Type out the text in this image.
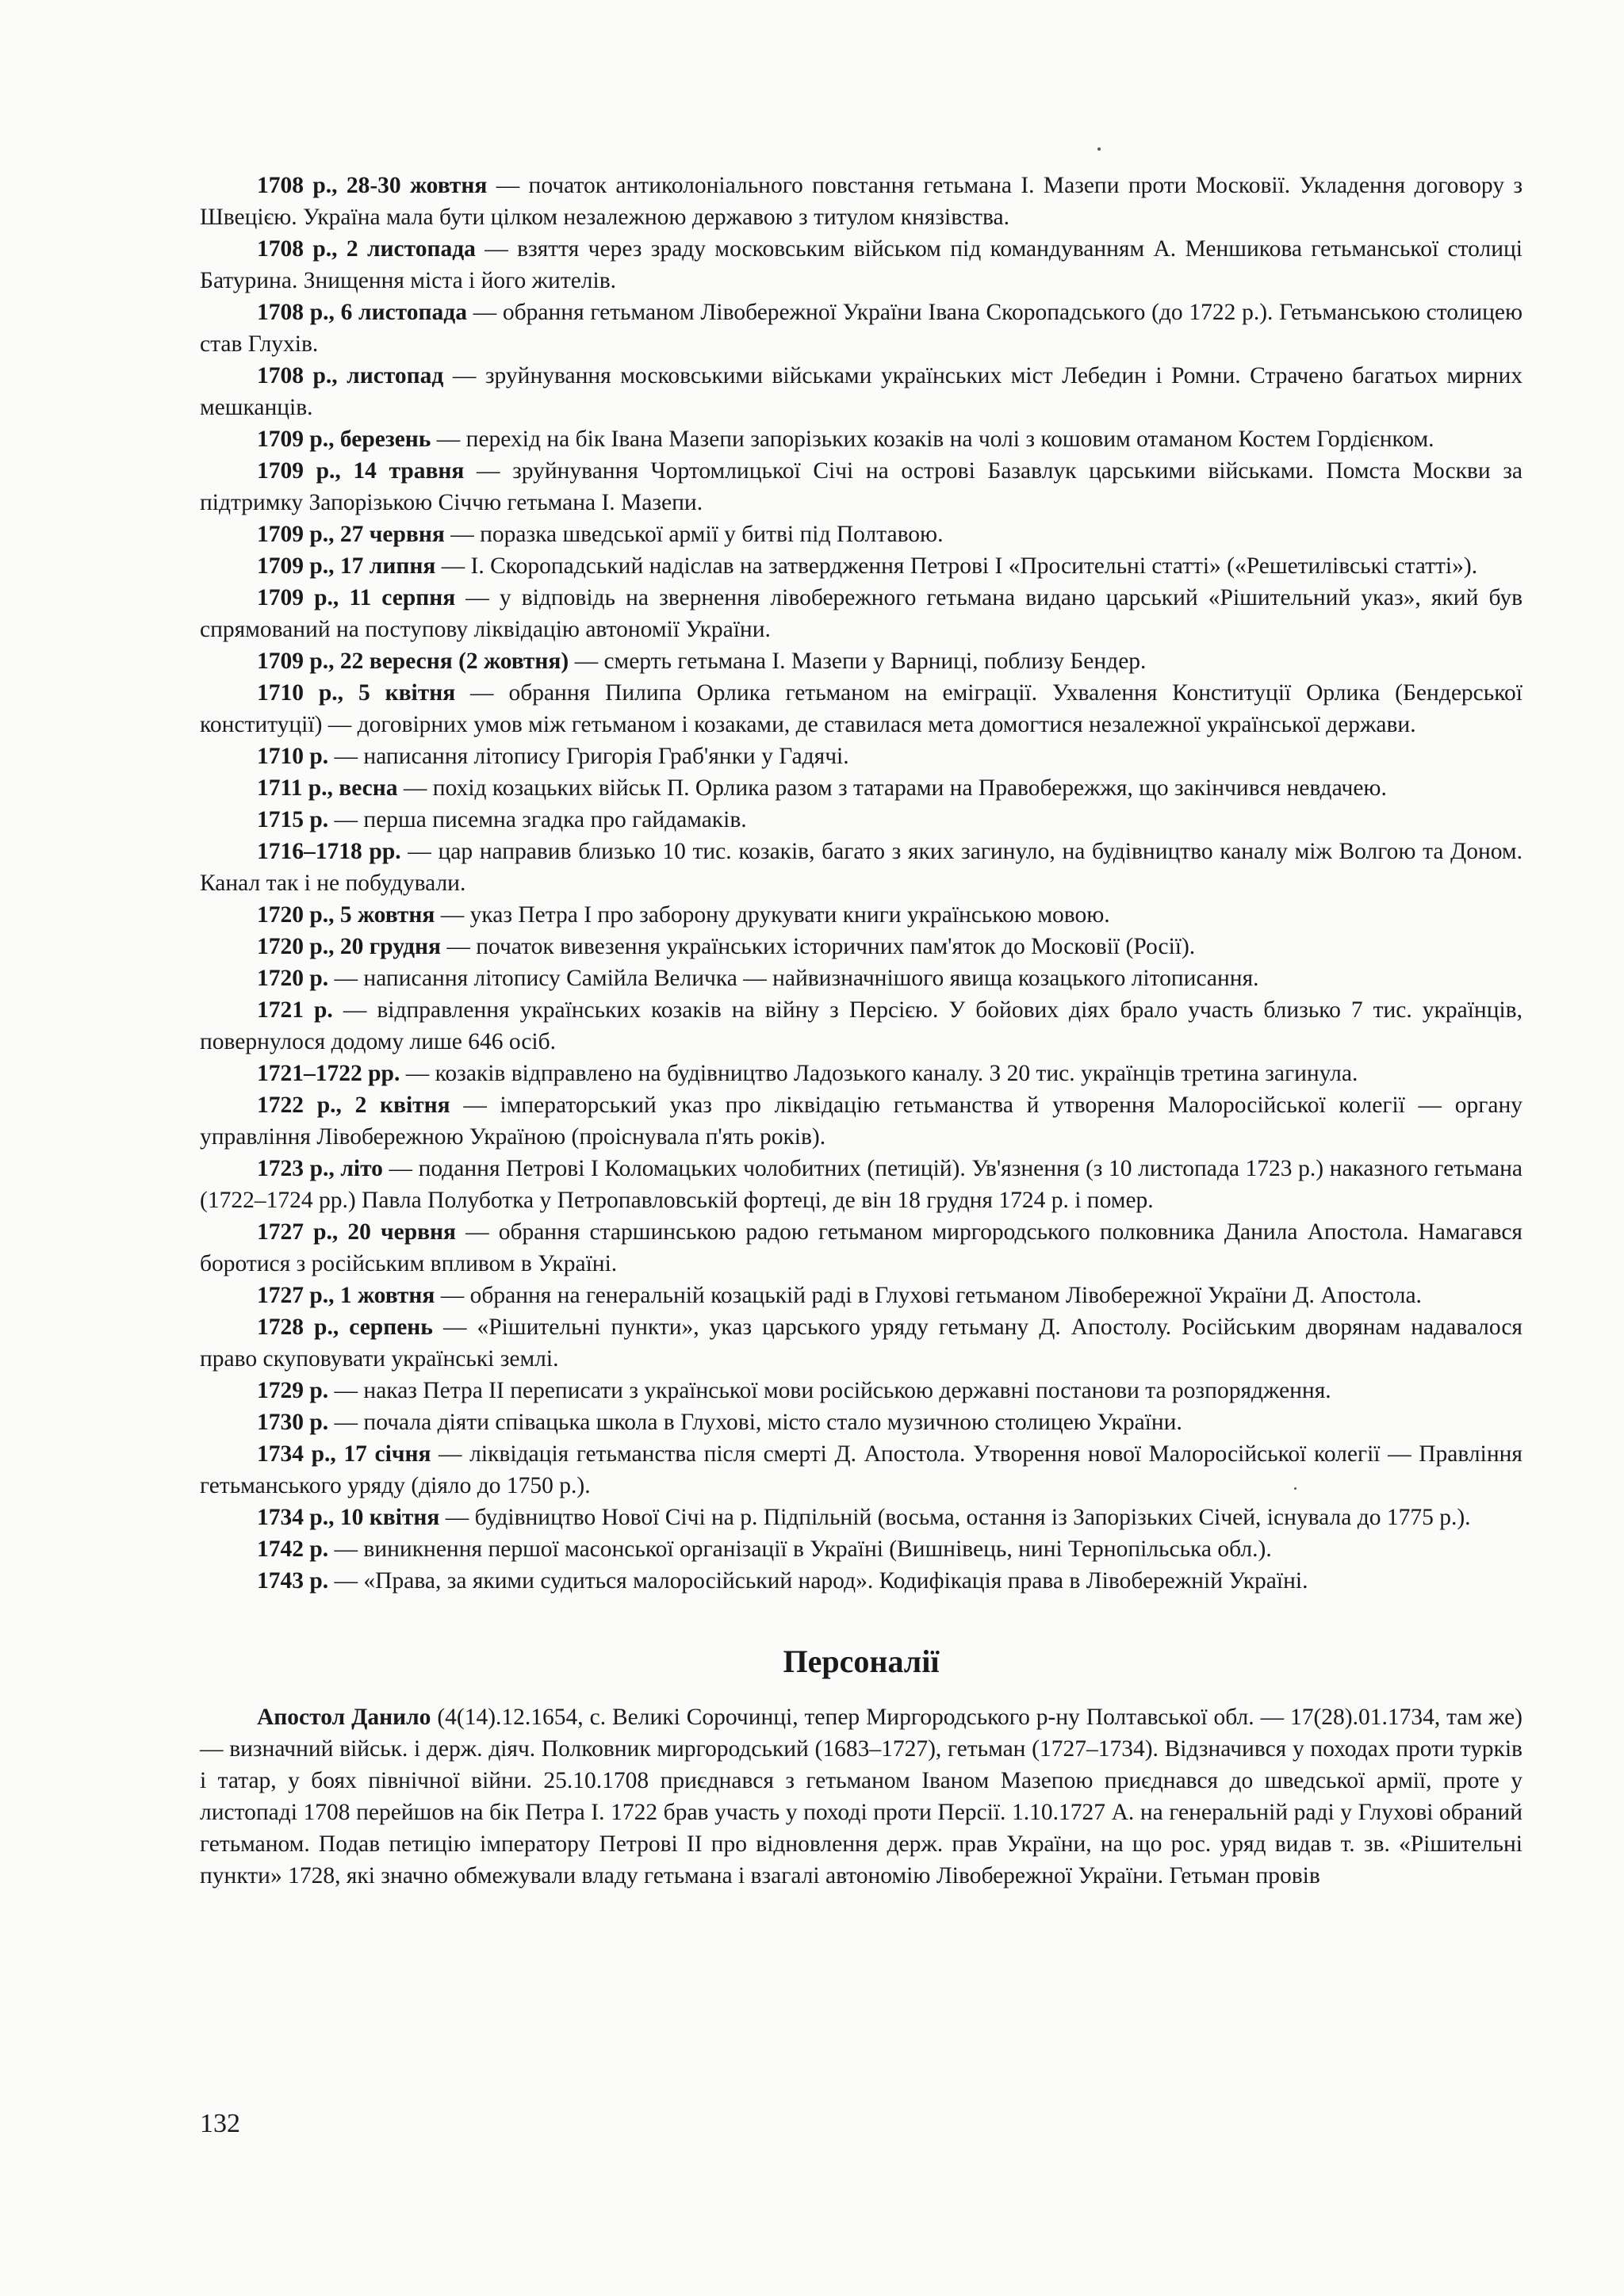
1708 р., 28-30 жовтня — початок антиколоніального повстання гетьмана І. Мазепи проти Московії. Укладення договору з Швецією. Україна мала бути цілком незалежною державою з титулом князівства.

1708 р., 2 листопада — взяття через зраду московським військом під командуванням А. Меншикова гетьманської столиці Батурина. Знищення міста і його жителів.

1708 р., 6 листопада — обрання гетьманом Лівобережної України Івана Скоропадського (до 1722 р.). Гетьманською столицею став Глухів.

1708 р., листопад — зруйнування московськими військами українських міст Лебедин і Ромни. Страчено багатьох мирних мешканців.

1709 р., березень — перехід на бік Івана Мазепи запорізьких козаків на чолі з кошовим отаманом Костем Гордієнком.

1709 р., 14 травня — зруйнування Чортомлицької Січі на острові Базавлук царськими військами. Помста Москви за підтримку Запорізькою Січчю гетьмана І. Мазепи.

1709 р., 27 червня — поразка шведської армії у битві під Полтавою.

1709 р., 17 липня — І. Скоропадський надіслав на затвердження Петрові І «Просительні статті» («Решетилівські статті»).

1709 р., 11 серпня — у відповідь на звернення лівобережного гетьмана видано царський «Рішительний указ», який був спрямований на поступову ліквідацію автономії України.

1709 р., 22 вересня (2 жовтня) — смерть гетьмана І. Мазепи у Варниці, поблизу Бендер.

1710 р., 5 квітня — обрання Пилипа Орлика гетьманом на еміграції. Ухвалення Конституції Орлика (Бендерської конституції) — договірних умов між гетьманом і козаками, де ставилася мета домогтися незалежної української держави.

1710 р. — написання літопису Григорія Граб'янки у Гадячі.

1711 р., весна — похід козацьких військ П. Орлика разом з татарами на Правобережжя, що закінчився невдачею.

1715 р. — перша писемна згадка про гайдамаків.

1716–1718 рр. — цар направив близько 10 тис. козаків, багато з яких загинуло, на будівництво каналу між Волгою та Доном. Канал так і не побудували.

1720 р., 5 жовтня — указ Петра І про заборону друкувати книги українською мовою.

1720 р., 20 грудня — початок вивезення українських історичних пам'яток до Московії (Росії).

1720 р. — написання літопису Самійла Величка — найвизначнішого явища козацького літописання.

1721 р. — відправлення українських козаків на війну з Персією. У бойових діях брало участь близько 7 тис. українців, повернулося додому лише 646 осіб.

1721–1722 рр. — козаків відправлено на будівництво Ладозького каналу. З 20 тис. українців третина загинула.

1722 р., 2 квітня — імператорський указ про ліквідацію гетьманства й утворення Малоросійської колегії — органу управління Лівобережною Україною (проіснувала п'ять років).

1723 р., літо — подання Петрові І Коломацьких чолобитних (петицій). Ув'язнення (з 10 листопада 1723 р.) наказного гетьмана (1722–1724 рр.) Павла Полуботка у Петропавловській фортеці, де він 18 грудня 1724 р. і помер.

1727 р., 20 червня — обрання старшинською радою гетьманом миргородського полковника Данила Апостола. Намагався боротися з російським впливом в Україні.

1727 р., 1 жовтня — обрання на генеральній козацькій раді в Глухові гетьманом Лівобережної України Д. Апостола.

1728 р., серпень — «Рішительні пункти», указ царського уряду гетьману Д. Апостолу. Російським дворянам надавалося право скуповувати українські землі.

1729 р. — наказ Петра ІІ переписати з української мови російською державні постанови та розпорядження.

1730 р. — почала діяти співацька школа в Глухові, місто стало музичною столицею України.

1734 р., 17 січня — ліквідація гетьманства після смерті Д. Апостола. Утворення нової Малоросійської колегії — Правління гетьманського уряду (діяло до 1750 р.).

1734 р., 10 квітня — будівництво Нової Січі на р. Підпільній (восьма, остання із Запорізьких Січей, існувала до 1775 р.).

1742 р. — виникнення першої масонської організації в Україні (Вишнівець, нині Тернопільська обл.).

1743 р. — «Права, за якими судиться малоросійський народ». Кодифікація права в Лівобережній Україні.

Персоналії

Апостол Данило (4(14).12.1654, с. Великі Сорочинці, тепер Миргородського р-ну Полтавської обл. — 17(28).01.1734, там же) — визначний військ. і держ. діяч. Полковник миргородський (1683–1727), гетьман (1727–1734). Відзначився у походах проти турків і татар, у боях північної війни. 25.10.1708 приєднався з гетьманом Іваном Мазепою приєднався до шведської армії, проте у листопаді 1708 перейшов на бік Петра І. 1722 брав участь у поході проти Персії. 1.10.1727 А. на генеральній раді у Глухові обраний гетьманом. Подав петицію імператору Петрові ІІ про відновлення держ. прав України, на що рос. уряд видав т. зв. «Рішительні пункти» 1728, які значно обмежували владу гетьмана і взагалі автономію Лівобережної України. Гетьман провів

132
